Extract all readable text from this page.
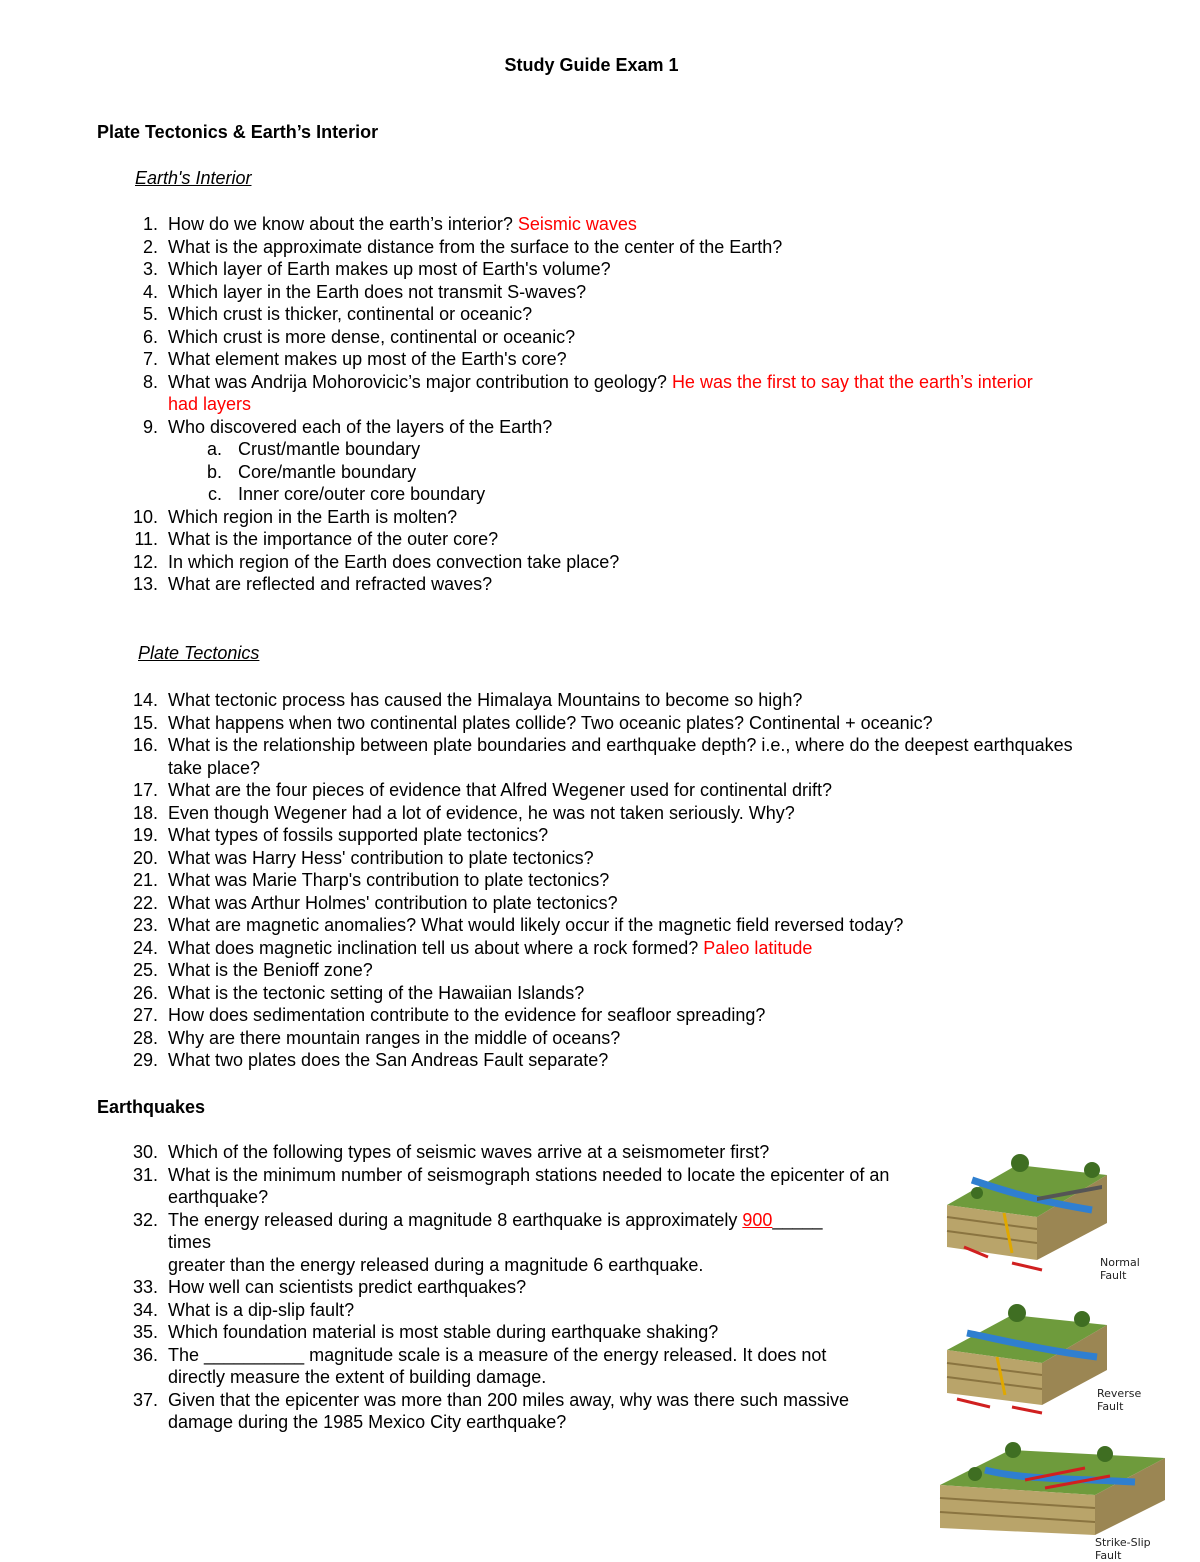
Study Guide Exam 1
Plate Tectonics & Earth’s Interior
Earth's Interior
1. How do we know about the earth’s interior? Seismic waves
2. What is the approximate distance from the surface to the center of the Earth?
3. Which layer of Earth makes up most of Earth's volume?
4. Which layer in the Earth does not transmit S-waves?
5. Which crust is thicker, continental or oceanic?
6. Which crust is more dense, continental or oceanic?
7. What element makes up most of the Earth's core?
8. What was Andrija Mohorovicic’s major contribution to geology? He was the first to say that the earth’s interior had layers
9. Who discovered each of the layers of the Earth?
a. Crust/mantle boundary
b. Core/mantle boundary
c. Inner core/outer core boundary
10. Which region in the Earth is molten?
11. What is the importance of the outer core?
12. In which region of the Earth does convection take place?
13. What are reflected and refracted waves?
Plate Tectonics
14. What tectonic process has caused the Himalaya Mountains to become so high?
15. What happens when two continental plates collide? Two oceanic plates? Continental + oceanic?
16. What is the relationship between plate boundaries and earthquake depth? i.e., where do the deepest earthquakes take place?
17. What are the four pieces of evidence that Alfred Wegener used for continental drift?
18. Even though Wegener had a lot of evidence, he was not taken seriously. Why?
19. What types of fossils supported plate tectonics?
20. What was Harry Hess' contribution to plate tectonics?
21. What was Marie Tharp's contribution to plate tectonics?
22. What was Arthur Holmes' contribution to plate tectonics?
23. What are magnetic anomalies? What would likely occur if the magnetic field reversed today?
24. What does magnetic inclination tell us about where a rock formed? Paleo latitude
25. What is the Benioff zone?
26. What is the tectonic setting of the Hawaiian Islands?
27. How does sedimentation contribute to the evidence for seafloor spreading?
28. Why are there mountain ranges in the middle of oceans?
29. What two plates does the San Andreas Fault separate?
Earthquakes
30. Which of the following types of seismic waves arrive at a seismometer first?
31. What is the minimum number of seismograph stations needed to locate the epicenter of an earthquake?
32. The energy released during a magnitude 8 earthquake is approximately 900_____
times
greater than the energy released during a magnitude 6 earthquake.
33. How well can scientists predict earthquakes?
34. What is a dip-slip fault?
35. Which foundation material is most stable during earthquake shaking?
36. The __________ magnitude scale is a measure of the energy released. It does not directly measure the extent of building damage.
37. Given that the epicenter was more than 200 miles away, why was there such massive damage during the 1985 Mexico City earthquake?
Normal Fault
Reverse Fault
Strike-Slip Fault
